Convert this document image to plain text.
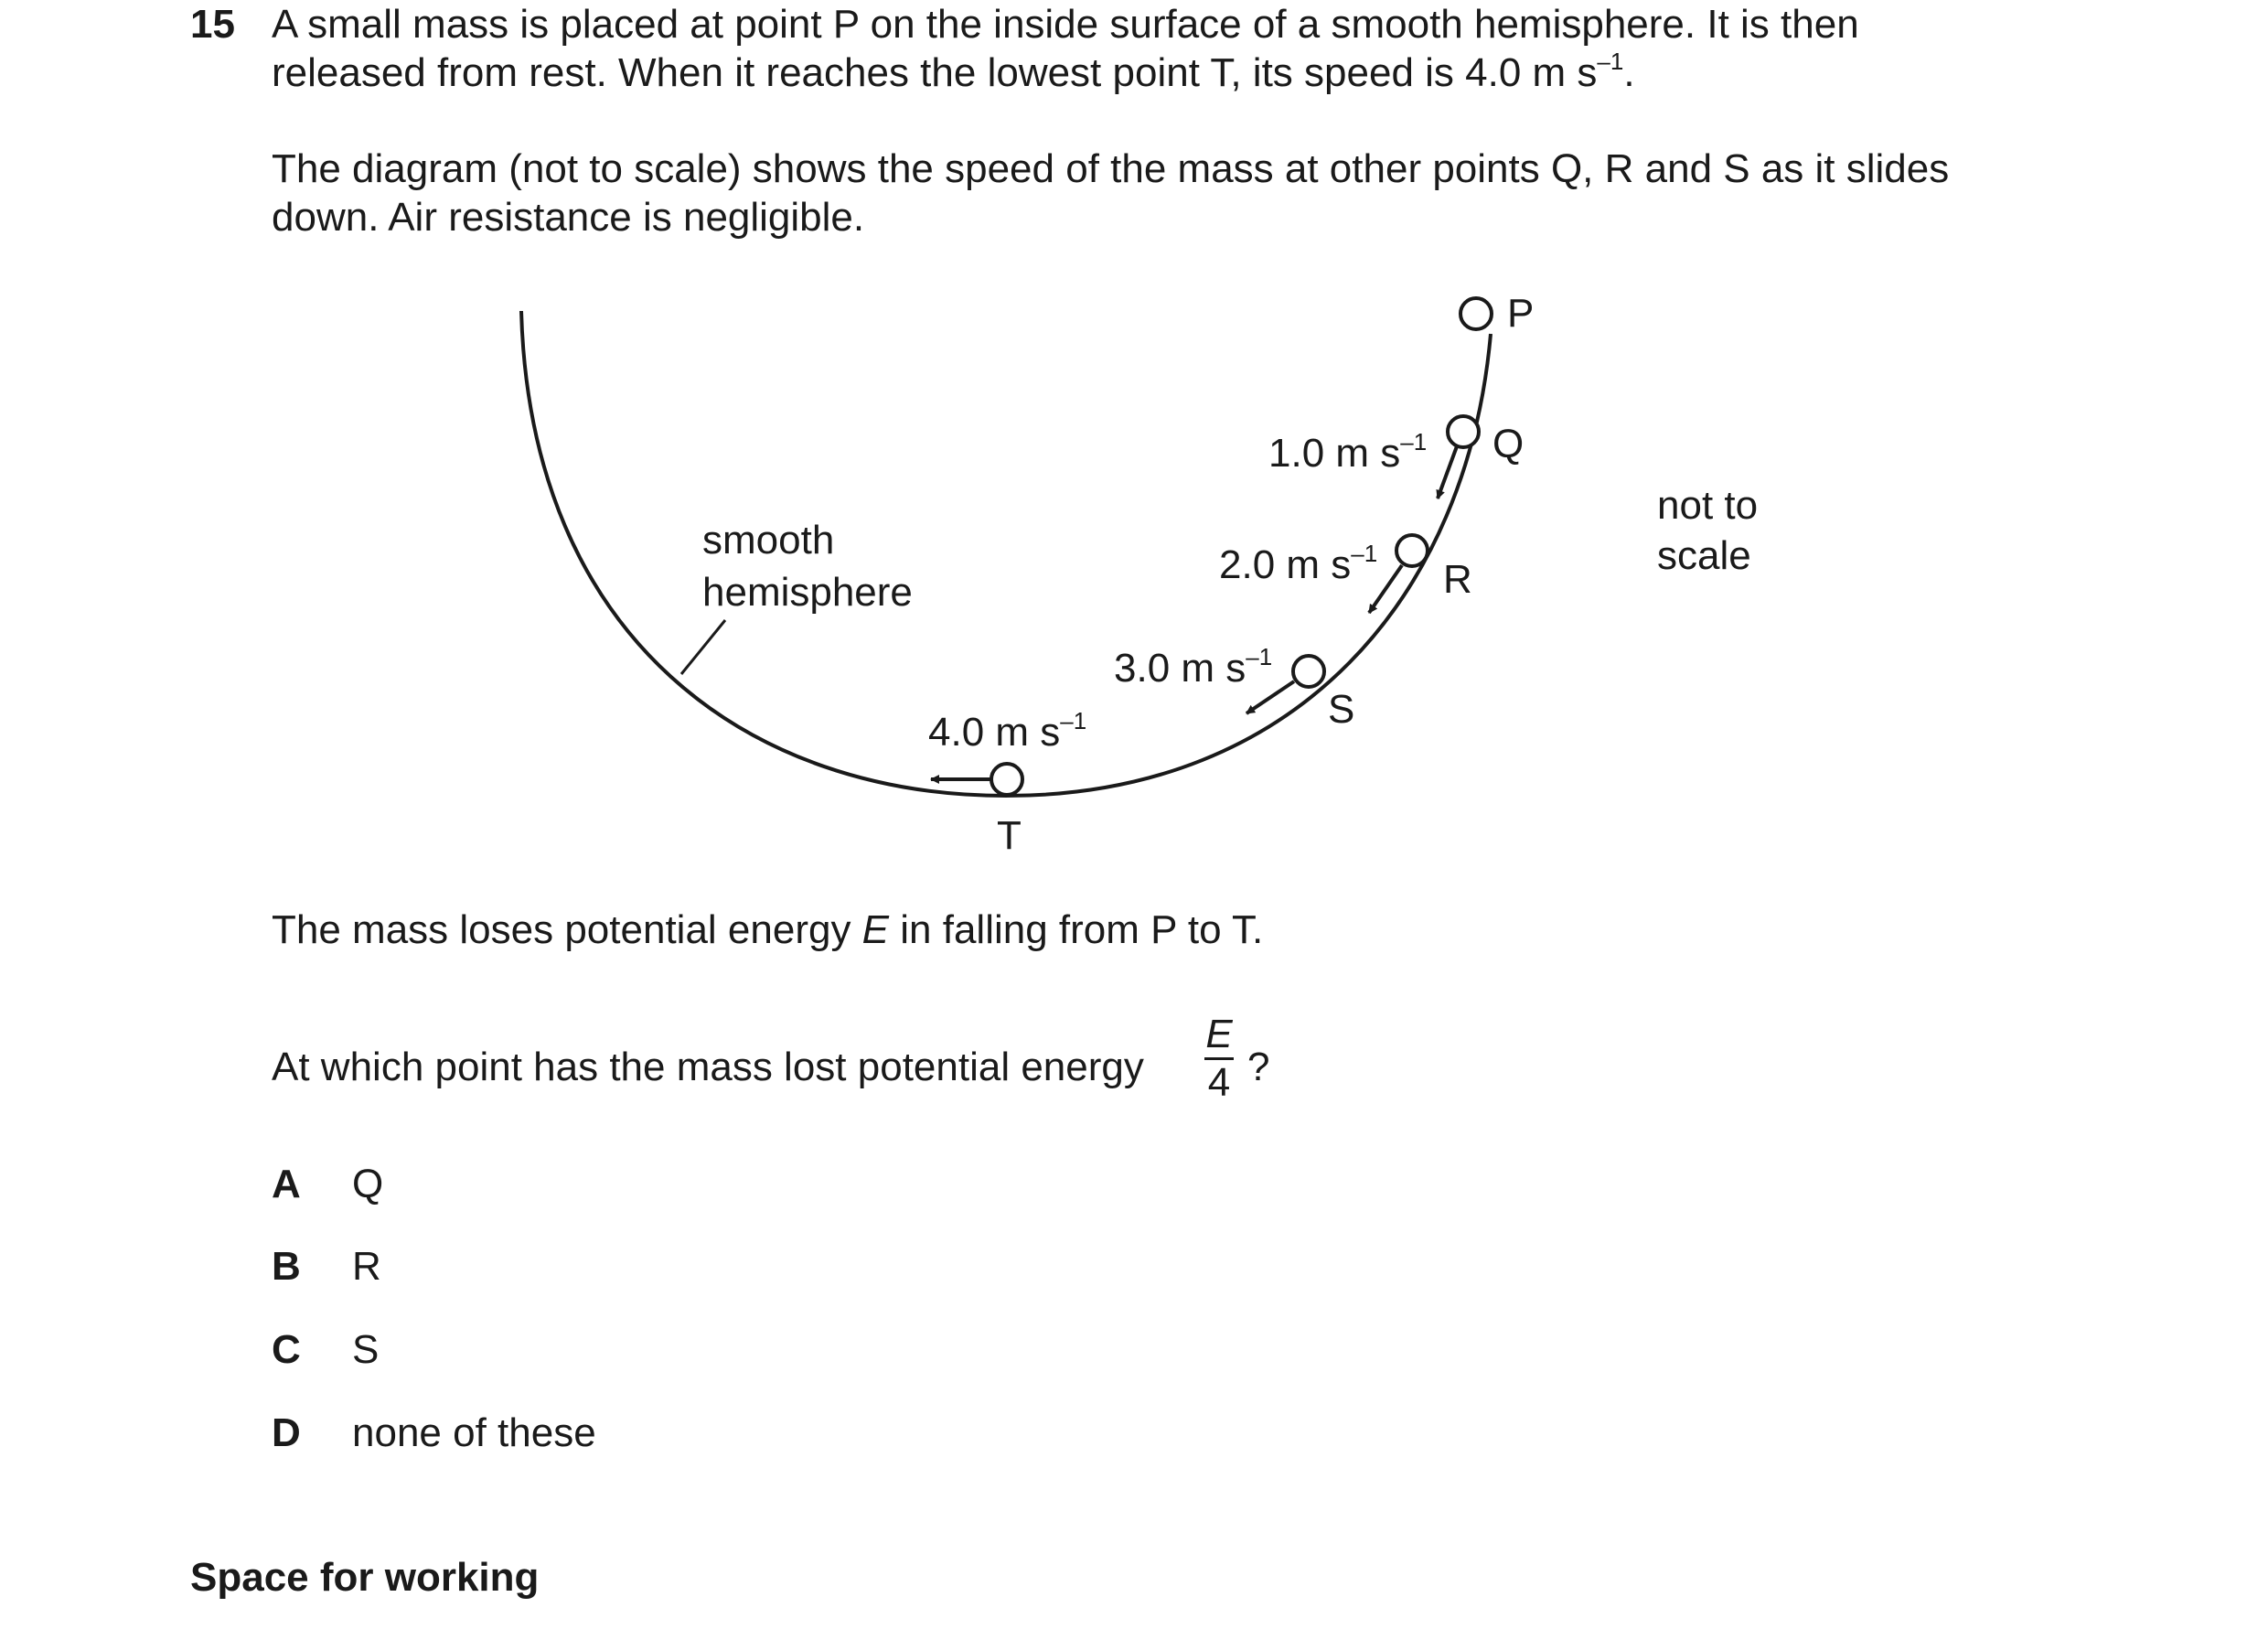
15 A small mass is placed at point P on the inside surface of a smooth hemisphere. It is then

released from rest. When it reaches the lowest point T, its speed is 4.0 m $s^{-1}$.
The diagram (not to scale) shows the speed of the mass at other points Q, R and S as it slides

down. Air resistance is negligible.
smooth
hemisphere
P
Q
1.0 m $s^{-1}$
R
2.0 m $s^{-1}$
S
3.0 m $s^{-1}$
T
4.0 m $s^{-1}$
not to
scale
The mass loses potential energy E in falling from P to T.
At which point has the mass lost potential energy
E
4 ?
A Q
B R
C S
D none of these
Space for working
